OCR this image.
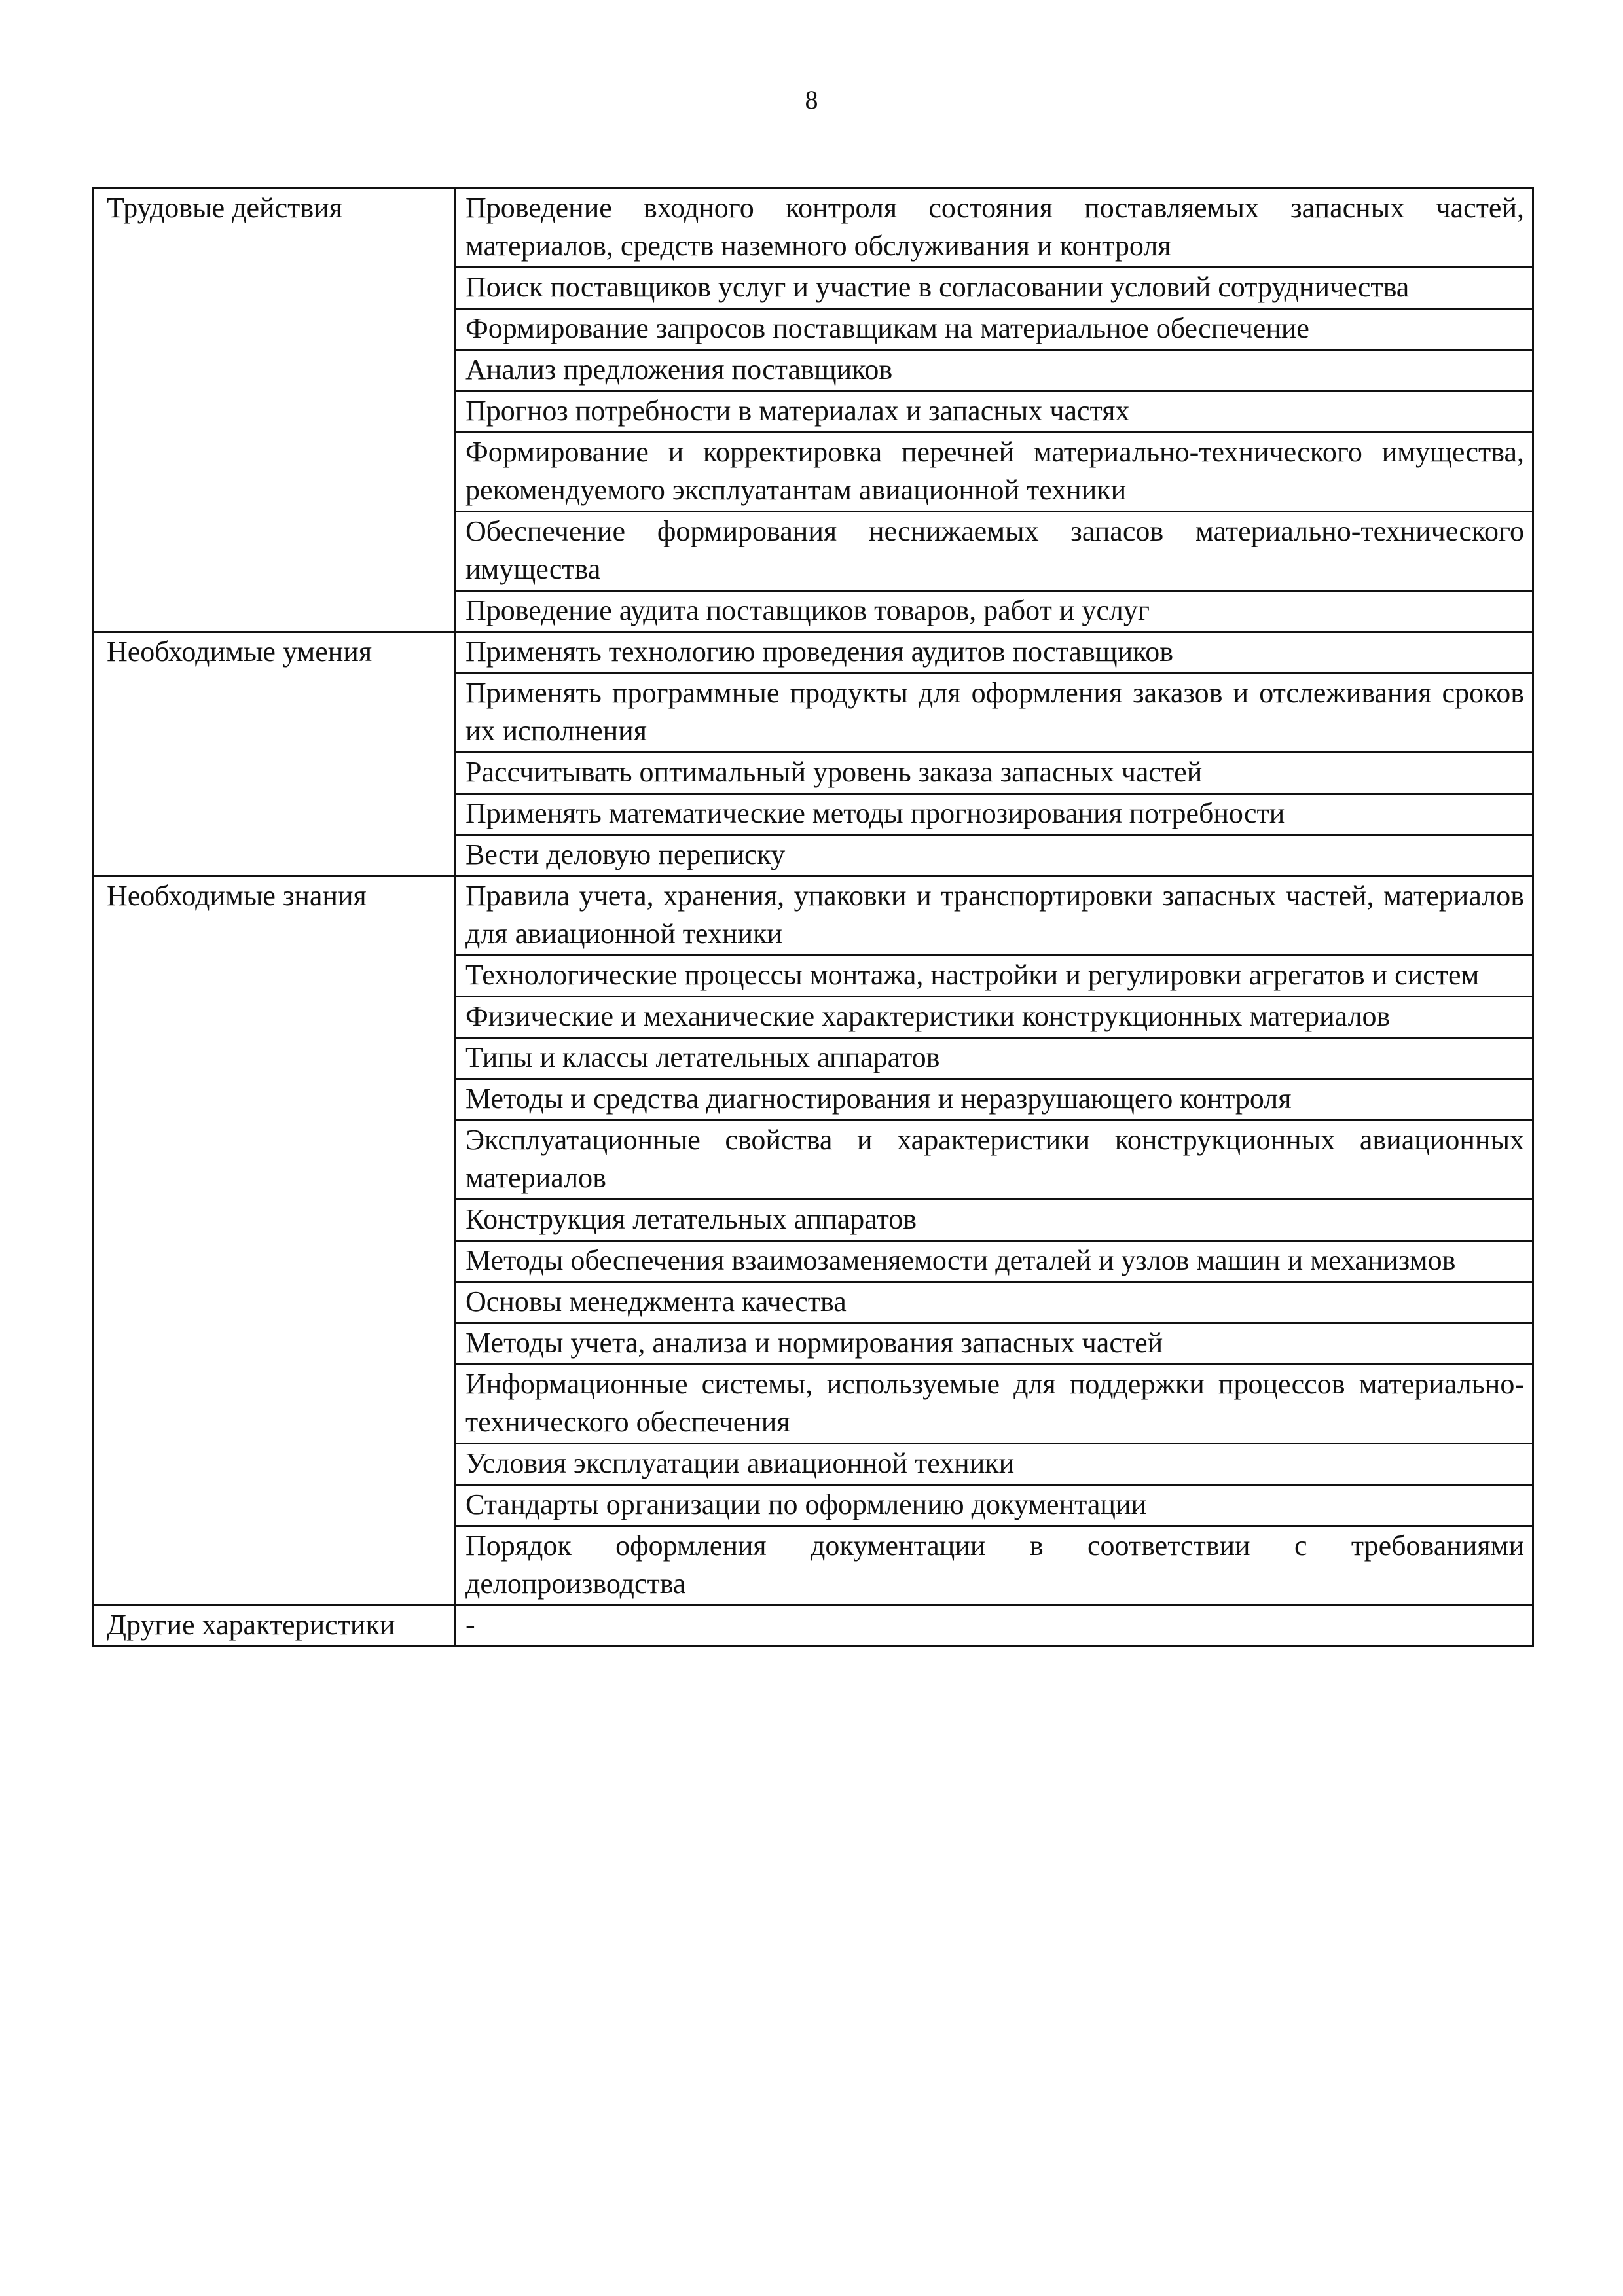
8
Трудовые действия	Проведение входного контроля состояния поставляемых запасных частей, материалов, средств наземного обслуживания и контроля
	Поиск поставщиков услуг и участие в согласовании условий сотрудничества
	Формирование запросов поставщикам на материальное обеспечение
	Анализ предложения поставщиков
	Прогноз потребности в материалах и запасных частях
	Формирование и корректировка перечней материально-технического имущества, рекомендуемого эксплуатантам авиационной техники
	Обеспечение формирования неснижаемых запасов материально-технического имущества
	Проведение аудита поставщиков товаров, работ и услуг
Необходимые умения	Применять технологию проведения аудитов поставщиков
	Применять программные продукты для оформления заказов и отслеживания сроков их исполнения
	Рассчитывать оптимальный уровень заказа запасных частей
	Применять математические методы прогнозирования потребности
	Вести деловую переписку
Необходимые знания	Правила учета, хранения, упаковки и транспортировки запасных частей, материалов для авиационной техники
	Технологические процессы монтажа, настройки и регулировки агрегатов и систем
	Физические и механические характеристики конструкционных материалов
	Типы и классы летательных аппаратов
	Методы и средства диагностирования и неразрушающего контроля
	Эксплуатационные свойства и характеристики конструкционных авиационных материалов
	Конструкция летательных аппаратов
	Методы обеспечения взаимозаменяемости деталей и узлов машин и механизмов
	Основы менеджмента качества
	Методы учета, анализа и нормирования запасных частей
	Информационные системы, используемые для поддержки процессов материально-технического обеспечения
	Условия эксплуатации авиационной техники
	Стандарты организации по оформлению документации
	Порядок оформления документации в соответствии с требованиями делопроизводства
Другие характеристики	-
